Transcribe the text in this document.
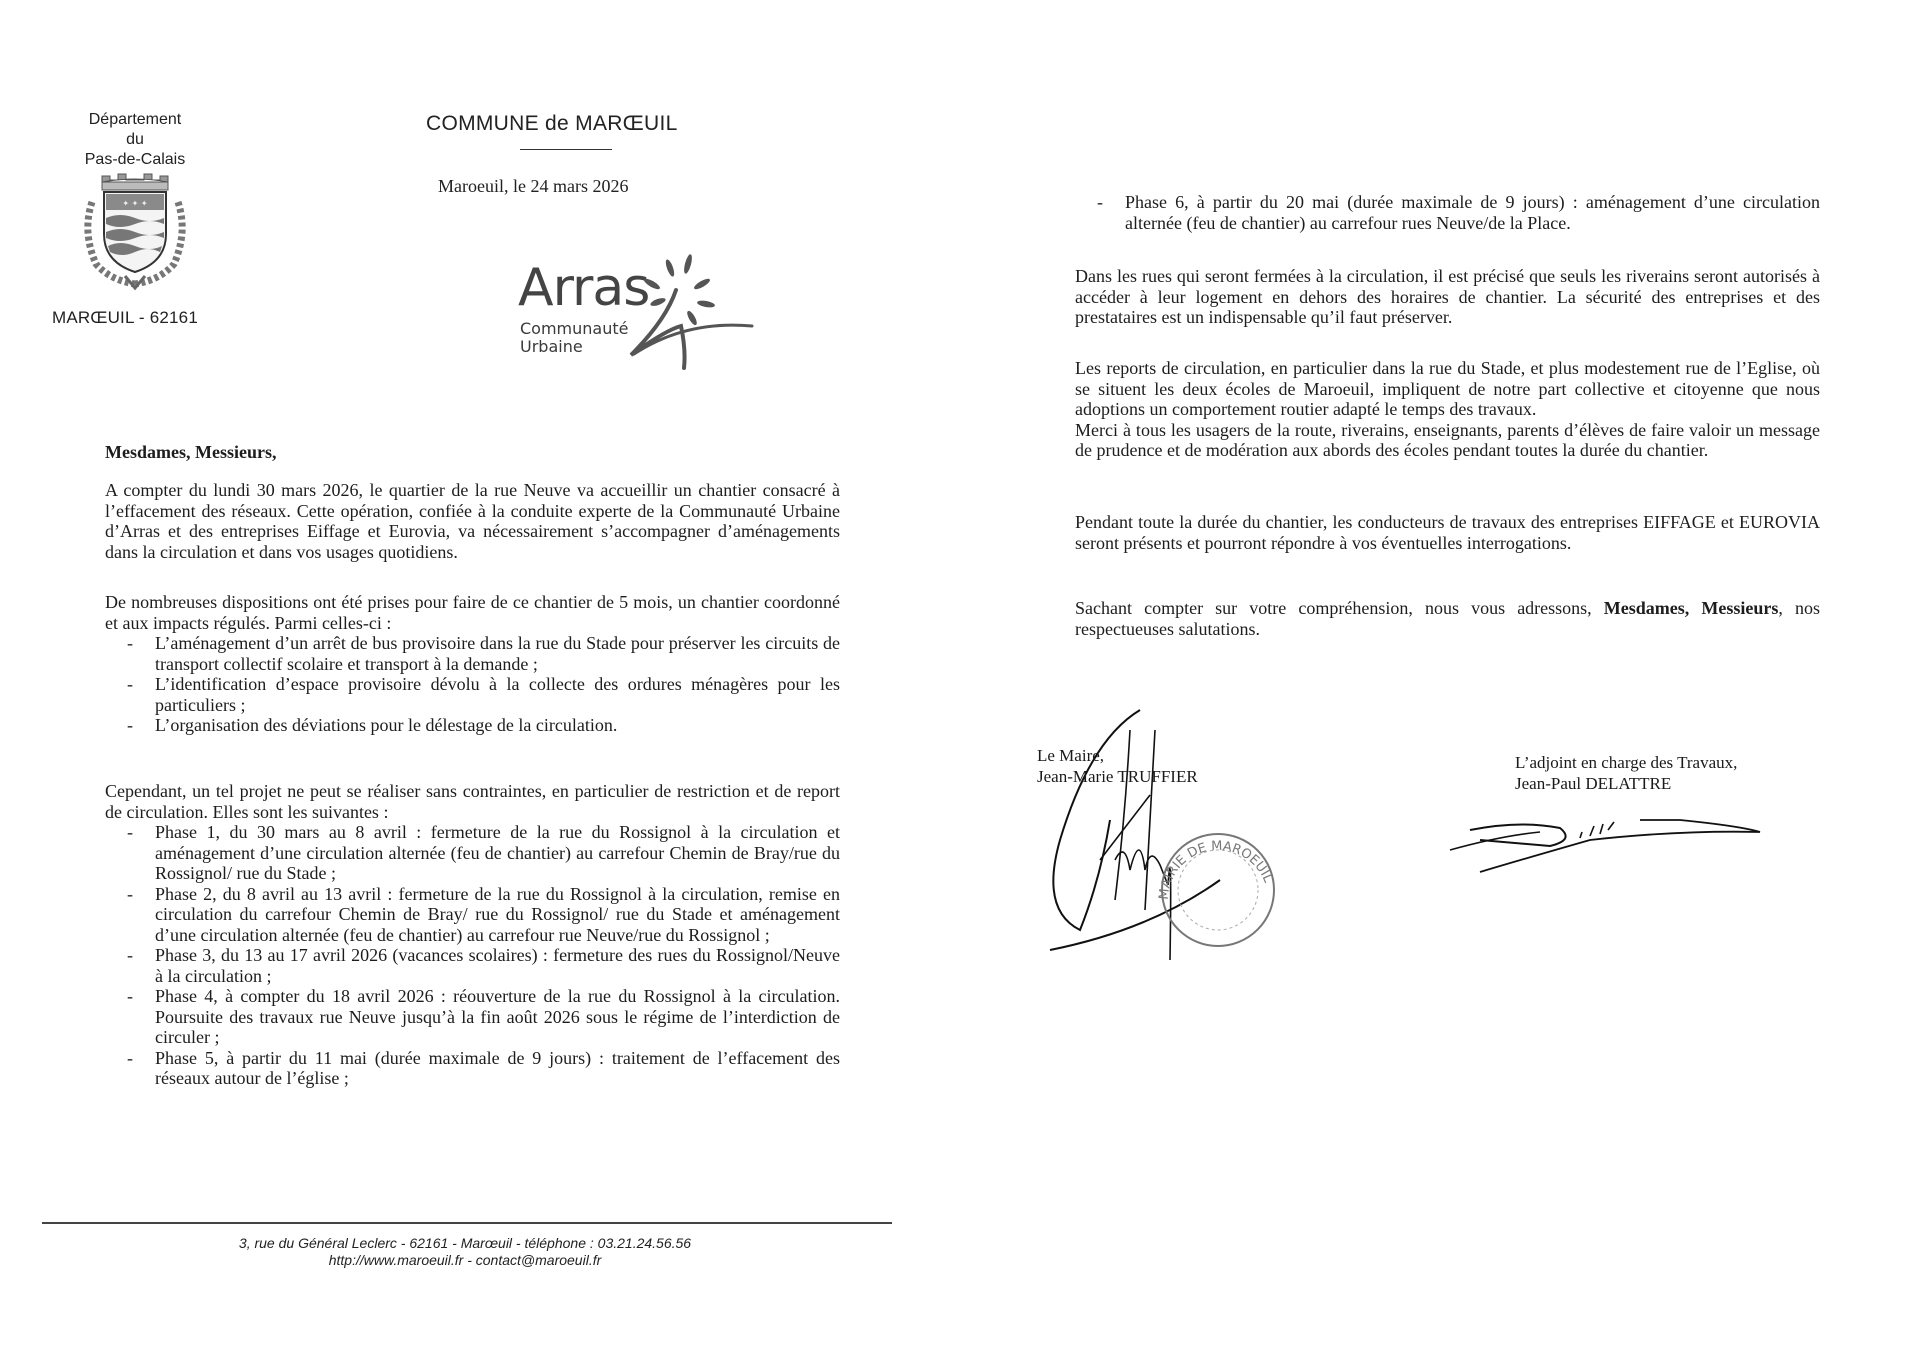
Département
du
Pas-de-Calais
✦ ✦ ✦
MARŒUIL - 62161
COMMUNE de MARŒUIL
Maroeuil, le 24 mars 2026
Arras
Communauté
Urbaine
Mesdames, Messieurs,
A compter du lundi 30 mars 2026, le quartier de la rue Neuve va accueillir un chantier consacré à l’effacement des réseaux. Cette opération, confiée à la conduite experte de la Communauté Urbaine d’Arras et des entreprises Eiffage et Eurovia, va nécessairement s’accompagner d’aménagements dans la circulation et dans vos usages quotidiens.
De nombreuses dispositions ont été prises pour faire de ce chantier de 5 mois, un chantier coordonné et aux impacts régulés. Parmi celles-ci :
- L’aménagement d’un arrêt de bus provisoire dans la rue du Stade pour préserver les circuits de transport collectif scolaire et transport à la demande ;
- L’identification d’espace provisoire dévolu à la collecte des ordures ménagères pour les particuliers ;
- L’organisation des déviations pour le délestage de la circulation.
Cependant, un tel projet ne peut se réaliser sans contraintes, en particulier de restriction et de report de circulation. Elles sont les suivantes :
- Phase 1, du 30 mars au 8 avril : fermeture de la rue du Rossignol à la circulation et aménagement d’une circulation alternée (feu de chantier) au carrefour Chemin de Bray/rue du Rossignol/ rue du Stade ;
- Phase 2, du 8 avril au 13 avril : fermeture de la rue du Rossignol à la circulation, remise en circulation du carrefour Chemin de Bray/ rue du Rossignol/ rue du Stade et aménagement d’une circulation alternée (feu de chantier) au carrefour rue Neuve/rue du Rossignol ;
- Phase 3, du 13 au 17 avril 2026 (vacances scolaires) : fermeture des rues du Rossignol/Neuve à la circulation ;
- Phase 4, à compter du 18 avril 2026 : réouverture de la rue du Rossignol à la circulation. Poursuite des travaux rue Neuve jusqu’à la fin août 2026 sous le régime de l’interdiction de circuler ;
- Phase 5, à partir du 11 mai (durée maximale de 9 jours) : traitement de l’effacement des réseaux autour de l’église ;
3, rue du Général Leclerc - 62161 - Marœuil - téléphone : 03.21.24.56.56
http://www.maroeuil.fr - contact@maroeuil.fr
- Phase 6, à partir du 20 mai (durée maximale de 9 jours) : aménagement d’une circulation alternée (feu de chantier) au carrefour rues Neuve/de la Place.
Dans les rues qui seront fermées à la circulation, il est précisé que seuls les riverains seront autorisés à accéder à leur logement en dehors des horaires de chantier. La sécurité des entreprises et des prestataires est un indispensable qu’il faut préserver.
Les reports de circulation, en particulier dans la rue du Stade, et plus modestement rue de l’Eglise, où se situent les deux écoles de Maroeuil, impliquent de notre part collective et citoyenne que nous adoptions un comportement routier adapté le temps des travaux.
Merci à tous les usagers de la route, riverains, enseignants, parents d’élèves de faire valoir un message de prudence et de modération aux abords des écoles pendant toutes la durée du chantier.
Pendant toute la durée du chantier, les conducteurs de travaux des entreprises EIFFAGE et EUROVIA seront présents et pourront répondre à vos éventuelles interrogations.
Sachant compter sur votre compréhension, nous vous adressons, Mesdames, Messieurs, nos respectueuses salutations.
MAIRIE DE MAROEUIL
Le Maire,
Jean-Marie TRUFFIER
L’adjoint en charge des Travaux,
Jean-Paul DELATTRE
